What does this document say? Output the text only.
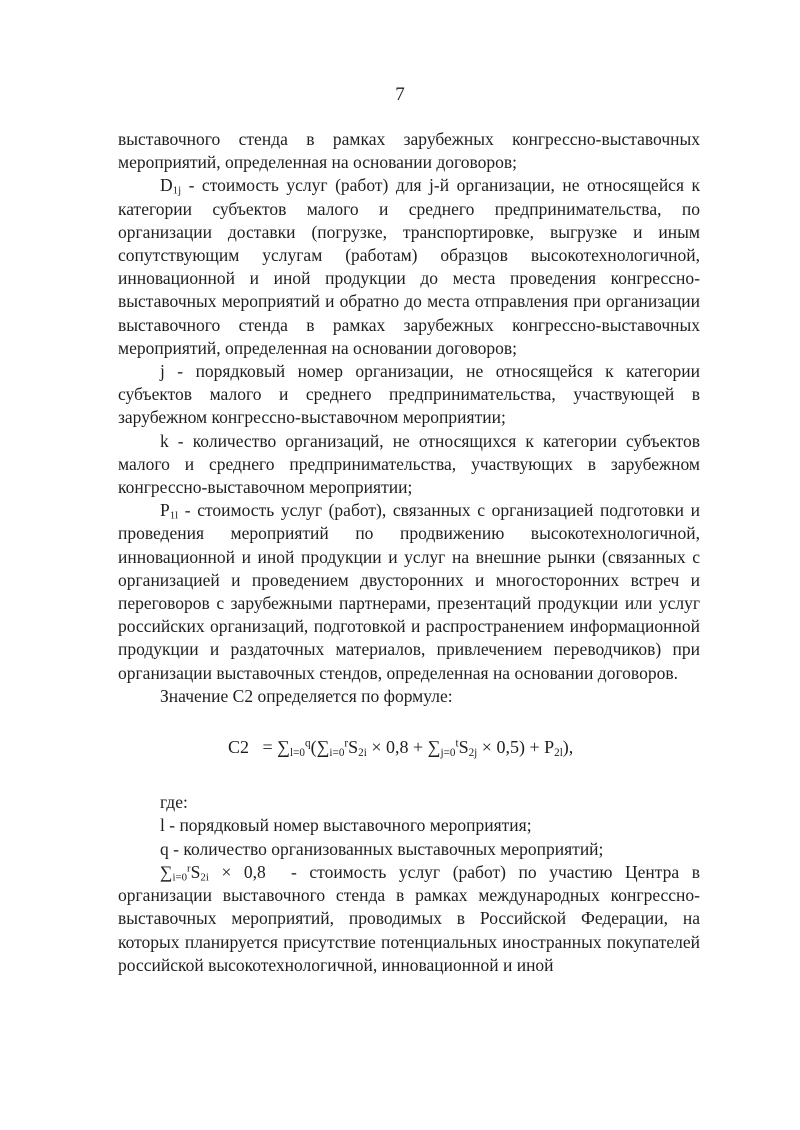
7

выставочного стенда в рамках зарубежных конгрессно-выставочных мероприятий, определенная на основании договоров;

$D_{1j}$ - стоимость услуг (работ) для j-й организации, не относящейся к категории субъектов малого и среднего предпринимательства, по организации доставки (погрузке, транспортировке, выгрузке и иным сопутствующим услугам (работам) образцов высокотехнологичной, инновационной и иной продукции до места проведения конгрессно-выставочных мероприятий и обратно до места отправления при организации выставочного стенда в рамках зарубежных конгрессно-выставочных мероприятий, определенная на основании договоров;

j - порядковый номер организации, не относящейся к категории субъектов малого и среднего предпринимательства, участвующей в зарубежном конгрессно-выставочном мероприятии;

k - количество организаций, не относящихся к категории субъектов малого и среднего предпринимательства, участвующих в зарубежном конгрессно-выставочном мероприятии;

$P_{1l}$ - стоимость услуг (работ), связанных с организацией подготовки и проведения мероприятий по продвижению высокотехнологичной, инновационной и иной продукции и услуг на внешние рынки (связанных с организацией и проведением двусторонних и многосторонних встреч и переговоров с зарубежными партнерами, презентаций продукции или услуг российских организаций, подготовкой и распространением информационной продукции и раздаточных материалов, привлечением переводчиков) при организации выставочных стендов, определенная на основании договоров.

Значение C2 определяется по формуле:

$C2 = \sum_{l=0}^q(\sum_{i=0}^rS_{2i} \times 0,8 + \sum_{j=0}^tS_{2j} \times 0,5) + P_{2l}$),

где:

l - порядковый номер выставочного мероприятия;

q - количество организованных выставочных мероприятий;

$\sum_{i=0}^rS_{2i} \times 0,8$ - стоимость услуг (работ) по участию Центра в организации выставочного стенда в рамках международных конгрессно-выставочных мероприятий, проводимых в Российской Федерации, на которых планируется присутствие потенциальных иностранных покупателей российской высокотехнологичной, инновационной и иной
